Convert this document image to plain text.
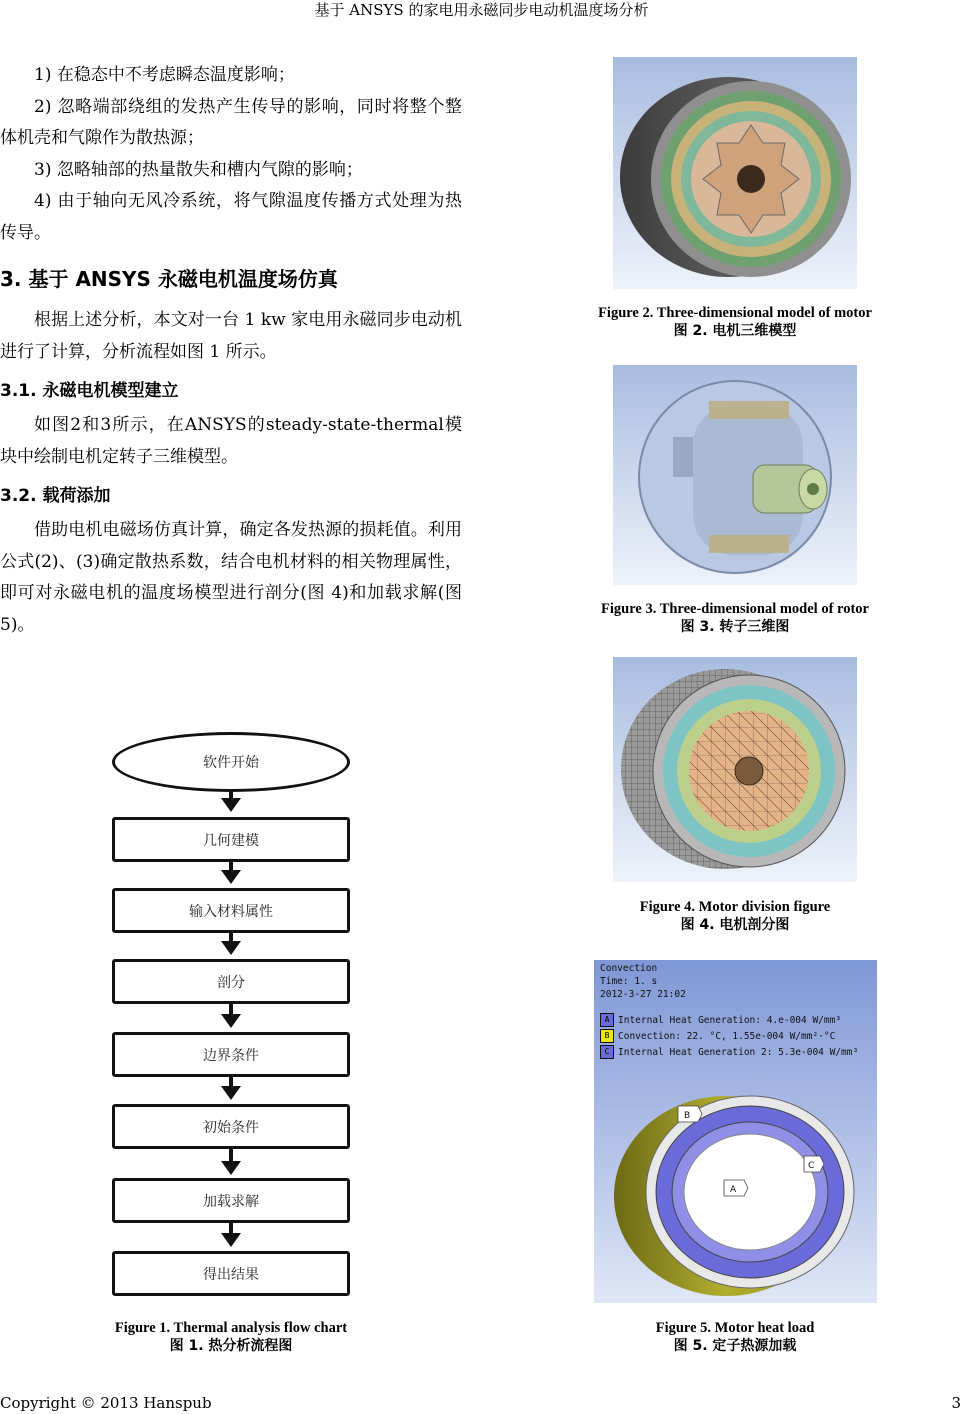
基于 ANSYS 的家电用永磁同步电动机温度场分析

1) 在稳态中不考虑瞬态温度影响；

2) 忽略端部绕组的发热产生传导的影响，同时将整个整体机壳和气隙作为散热源；

3) 忽略轴部的热量散失和槽内气隙的影响；

4) 由于轴向无风冷系统，将气隙温度传播方式处理为热传导。

3. 基于 ANSYS 永磁电机温度场仿真

根据上述分析，本文对一台 1 kw 家电用永磁同步电动机进行了计算，分析流程如图 1 所示。

3.1. 永磁电机模型建立

如图2和3所示，在ANSYS的steady-state-thermal模块中绘制电机定转子三维模型。

3.2. 载荷添加

借助电机电磁场仿真计算，确定各发热源的损耗值。利用公式(2)、(3)确定散热系数，结合电机材料的相关物理属性，即可对永磁电机的温度场模型进行剖分(图 4)和加载求解(图 5)。

软件开始
几何建模
输入材料属性
剖分
边界条件
初始条件
加载求解
得出结果
Figure 1. Thermal analysis flow chart
图 1. 热分析流程图
Figure 2. Three-dimensional model of motor
图 2. 电机三维模型
Figure 3. Three-dimensional model of rotor
图 3. 转子三维图
Figure 4. Motor division figure
图 4. 电机剖分图
B
A
C
Convection
Time: 1. s
2012-3-27 21:02
A Internal Heat Generation: 4.e-004 W/mm³
B Convection: 22. °C, 1.55e-004 W/mm²·°C
C Internal Heat Generation 2: 5.3e-004 W/mm³
Figure 5. Motor heat load
图 5. 定子热源加载
Copyright © 2013 Hanspub	3
